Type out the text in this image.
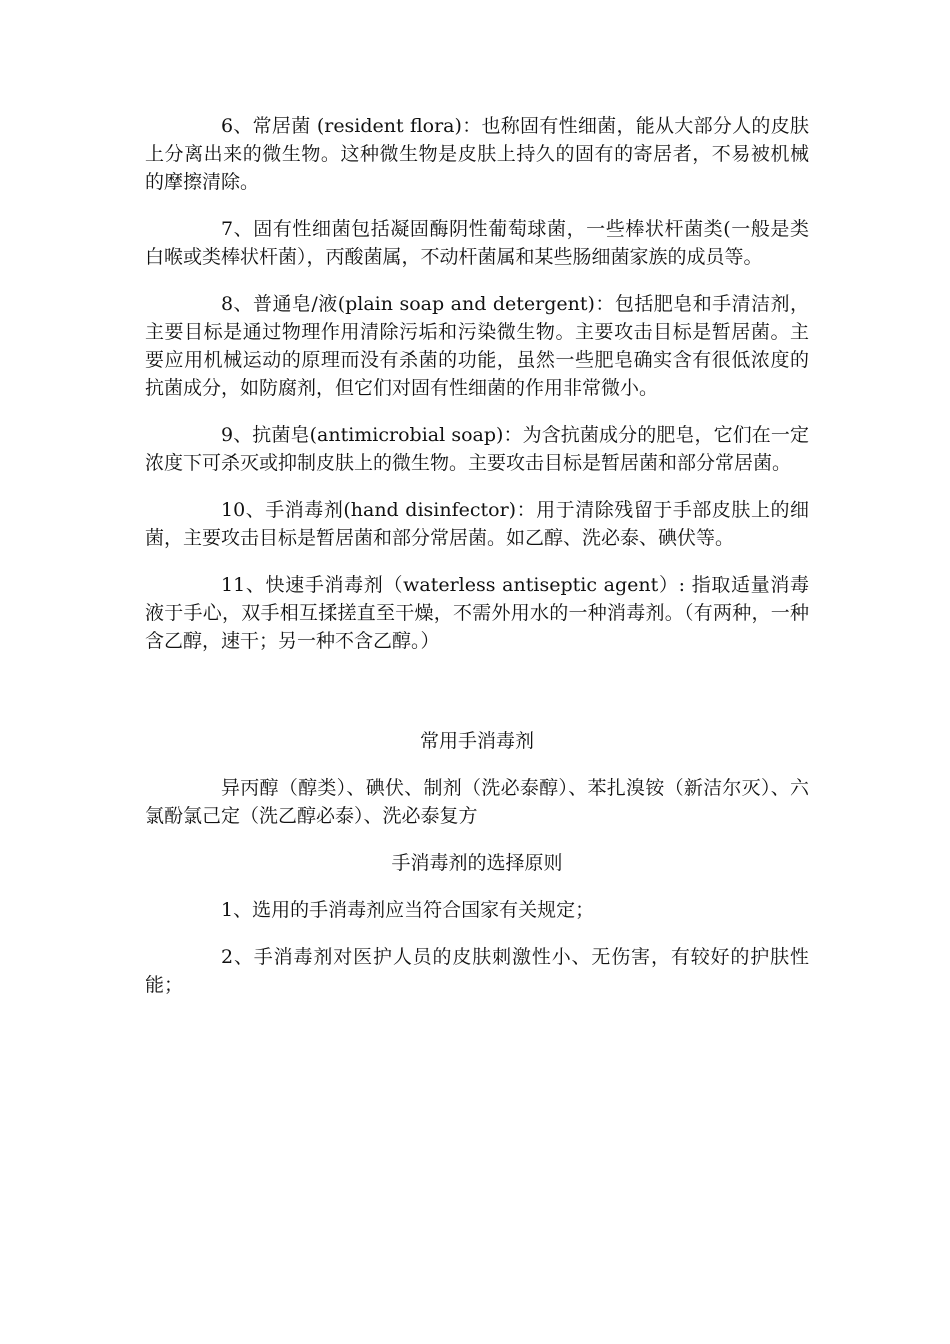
6、常居菌 (resident flora)：也称固有性细菌，能从大部分人的皮肤上分离出来的微生物。这种微生物是皮肤上持久的固有的寄居者，不易被机械的摩擦清除。

7、固有性细菌包括凝固酶阴性葡萄球菌，一些棒状杆菌类(一般是类白喉或类棒状杆菌），丙酸菌属，不动杆菌属和某些肠细菌家族的成员等。

8、普通皂/液(plain soap and detergent)：包括肥皂和手清洁剂，主要目标是通过物理作用清除污垢和污染微生物。主要攻击目标是暂居菌。主要应用机械运动的原理而没有杀菌的功能，虽然一些肥皂确实含有很低浓度的抗菌成分，如防腐剂，但它们对固有性细菌的作用非常微小。

9、抗菌皂(antimicrobial soap)：为含抗菌成分的肥皂，它们在一定浓度下可杀灭或抑制皮肤上的微生物。主要攻击目标是暂居菌和部分常居菌。

10、手消毒剂(hand disinfector)：用于清除残留于手部皮肤上的细菌，主要攻击目标是暂居菌和部分常居菌。如乙醇、洗必泰、碘伏等。

11、快速手消毒剂（waterless antiseptic agent）: 指取适量消毒液于手心，双手相互揉搓直至干燥，不需外用水的一种消毒剂。（有两种，一种含乙醇，速干；另一种不含乙醇。）

常用手消毒剂

异丙醇（醇类）、碘伏、制剂（洗必泰醇）、苯扎溴铵（新洁尔灭）、六氯酚氯己定（洗乙醇必泰）、洗必泰复方

手消毒剂的选择原则

1、选用的手消毒剂应当符合国家有关规定；

2、手消毒剂对医护人员的皮肤刺激性小、无伤害，有较好的护肤性能；
